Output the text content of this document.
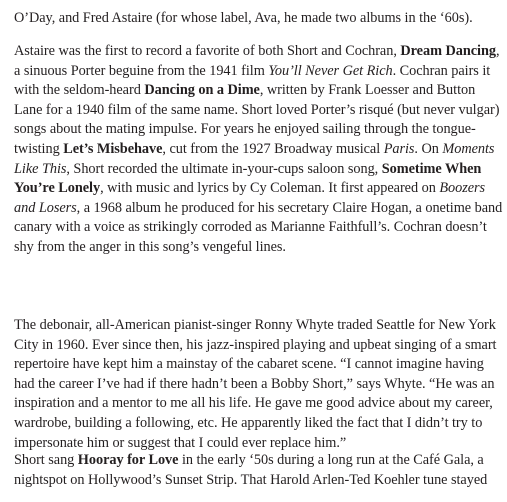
O’Day, and Fred Astaire (for whose label, Ava, he made two albums in the ‘60s).

Astaire was the first to record a favorite of both Short and Cochran, Dream Dancing,
a sinuous Porter beguine from the 1941 film You’ll Never Get Rich. Cochran pairs it
with the seldom-heard Dancing on a Dime, written by Frank Loesser and Button
Lane for a 1940 film of the same name. Short loved Porter’s risqué (but never vulgar)
songs about the mating impulse. For years he enjoyed sailing through the tongue-
twisting Let’s Misbehave, cut from the 1927 Broadway musical Paris. On Moments
Like This, Short recorded the ultimate in-your-cups saloon song, Sometime When
You’re Lonely, with music and lyrics by Cy Coleman. It first appeared on Boozers
and Losers, a 1968 album he produced for his secretary Claire Hogan, a onetime band
canary with a voice as strikingly corroded as Marianne Faithfull’s. Cochran doesn’t
shy from the anger in this song’s vengeful lines.

The debonair, all-American pianist-singer Ronny Whyte traded Seattle for New York
City in 1960. Ever since then, his jazz-inspired playing and upbeat singing of a smart
repertoire have kept him a mainstay of the cabaret scene. “I cannot imagine having
had the career I’ve had if there hadn’t been a Bobby Short,” says Whyte. “He was an
inspiration and a mentor to me all his life. He gave me good advice about my career,
wardrobe, building a following, etc. He apparently liked the fact that I didn’t try to
impersonate him or suggest that I could ever replace him.”

Short sang Hooray for Love in the early ‘50s during a long run at the Café Gala, a
nightspot on Hollywood’s Sunset Strip. That Harold Arlen-Ted Koehler tune stayed
